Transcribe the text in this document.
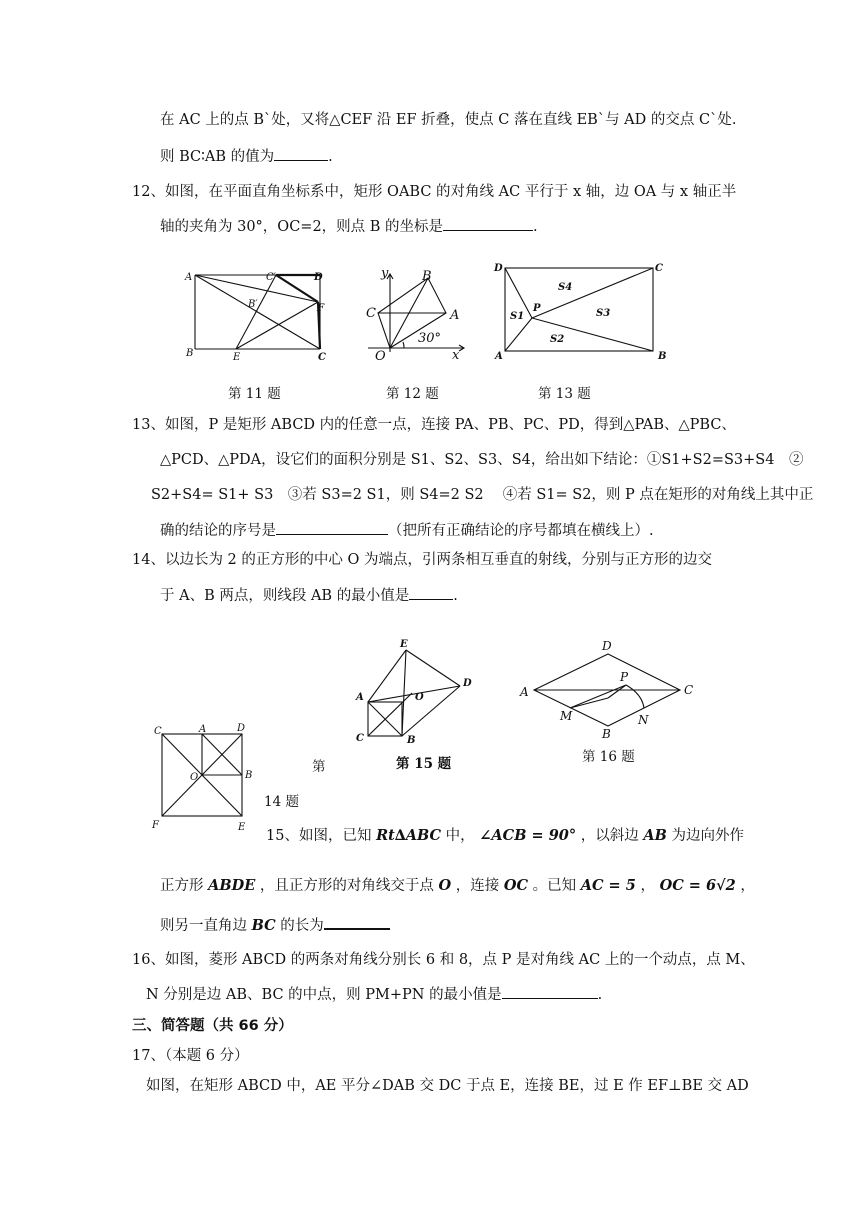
在 AC 上的点 B`处，又将△CEF 沿 EF 折叠，使点 C 落在直线 EB`与 AD 的交点 C`处.
则 BC∶AB 的值为	.
12、如图，在平面直角坐标系中，矩形 OABC 的对角线 AC 平行于 x 轴，边 OA 与 x 轴正半
轴的夹角为 30°，OC=2，则点 B 的坐标是	.
A
B	C
D
E
F
B′
C′
第 11 题
y
x
O
A
B
C
30°
第 12 题
A	B
C
D
P
S1
S2
S3
S4
第 13 题
13、如图，P 是矩形 ABCD 内的任意一点，连接 PA、PB、PC、PD，得到△PAB、△PBC、
△PCD、△PDA，设它们的面积分别是 S1、S2、S3、S4，给出如下结论：①S1+S2=S3+S4　②
S2+S4= S1+ S3　③若 S3=2 S1，则 S4=2 S2　 ④若 S1= S2，则 P 点在矩形的对角线上其中正
确的结论的序号是	（把所有正确结论的序号都填在横线上）.
14、以边长为 2 的正方形的中心 O 为端点，引两条相互垂直的射线，分别与正方形的边交
于 A、B 两点，则线段 AB 的最小值是	.
A
B
C
D
E
O
第 15 题
A
B
C
D
M	N
P
第 16 题
A
B
C	D
E
F
O
第
14 题
15、如图，已知 Rt∆ABC 中， ∠ACB = 90° ，以斜边 AB 为边向外作
正方形 ABDE ，且正方形的对角线交于点 O ，连接 OC 。已知 AC = 5 ， OC = 6√2 ，
则另一直角边 BC 的长为
16、如图，菱形 ABCD 的两条对角线分别长 6 和 8，点 P 是对角线 AC 上的一个动点，点 M、
N 分别是边 AB、BC 的中点，则 PM+PN 的最小值是	.
三、简答题（共 66 分）
17、（本题 6 分）
如图，在矩形 ABCD 中，AE 平分∠DAB 交 DC 于点 E，连接 BE，过 E 作 EF⊥BE 交 AD
